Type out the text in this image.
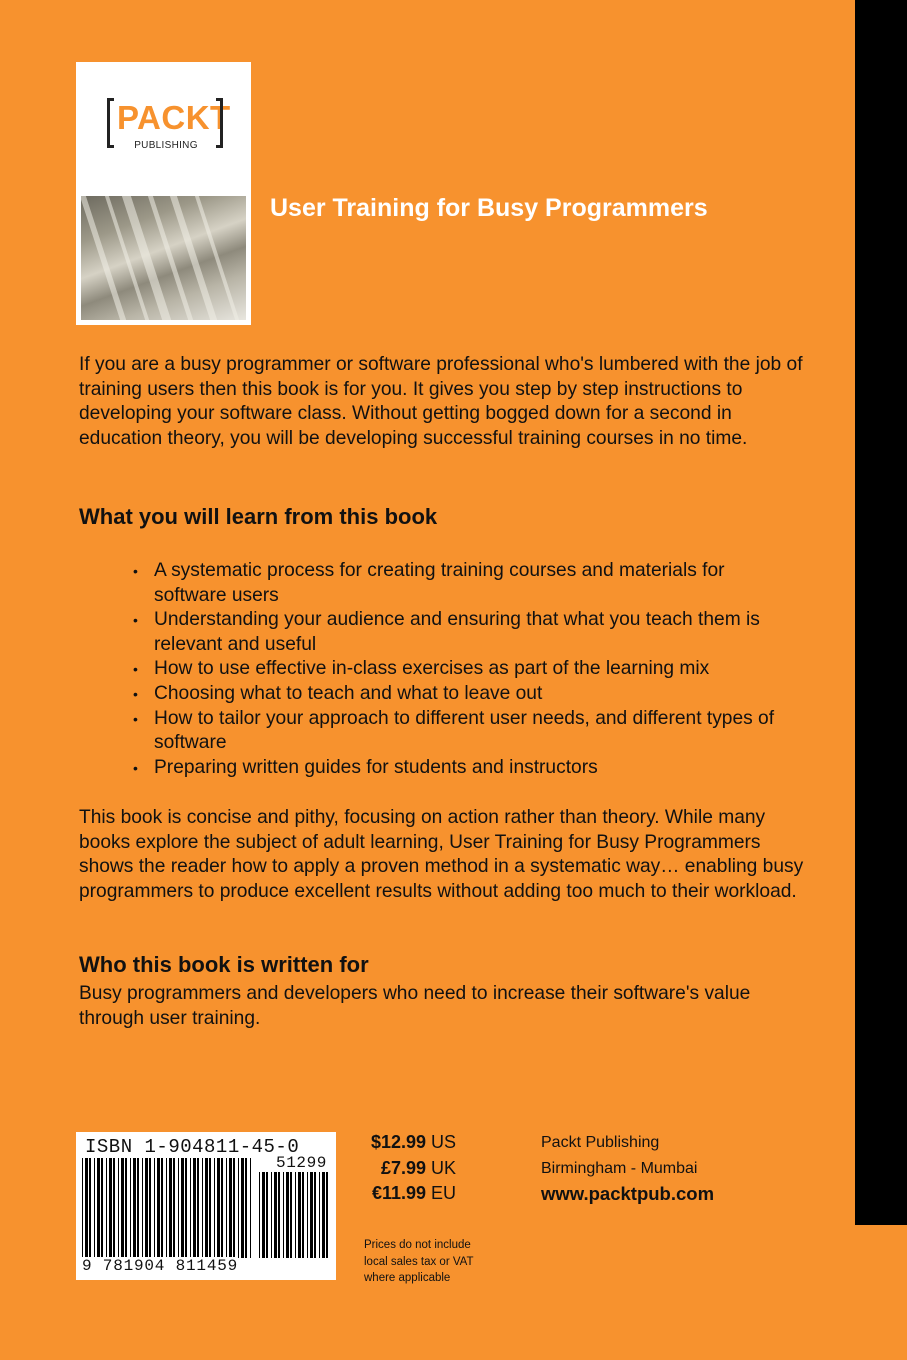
PACKT
PUBLISHING
User Training for Busy Programmers
If you are a busy programmer or software professional who's lumbered with the job of training users then this book is for you. It gives you step by step instructions to developing your software class. Without getting bogged down for a second in education theory, you will be developing successful training courses in no time.
What you will learn from this book
• A systematic process for creating training courses and materials for software users
• Understanding your audience and ensuring that what you teach them is relevant and useful
• How to use effective in-class exercises as part of the learning mix
• Choosing what to teach and what to leave out
• How to tailor your approach to different user needs, and different types of software
• Preparing written guides for students and instructors
This book is concise and pithy, focusing on action rather than theory. While many books explore the subject of adult learning, User Training for Busy Programmers shows the reader how to apply a proven method in a systematic way… enabling busy programmers to produce excellent results without adding too much to their workload.
Who this book is written for
Busy programmers and developers who need to increase their software's value through user training.
ISBN 1-904811-45-0
51299
9 781904 811459
$12.99 US
£7.99 UK
€11.99 EU
Prices do not include local sales tax or VAT where applicable
Packt Publishing
Birmingham - Mumbai
www.packtpub.com
